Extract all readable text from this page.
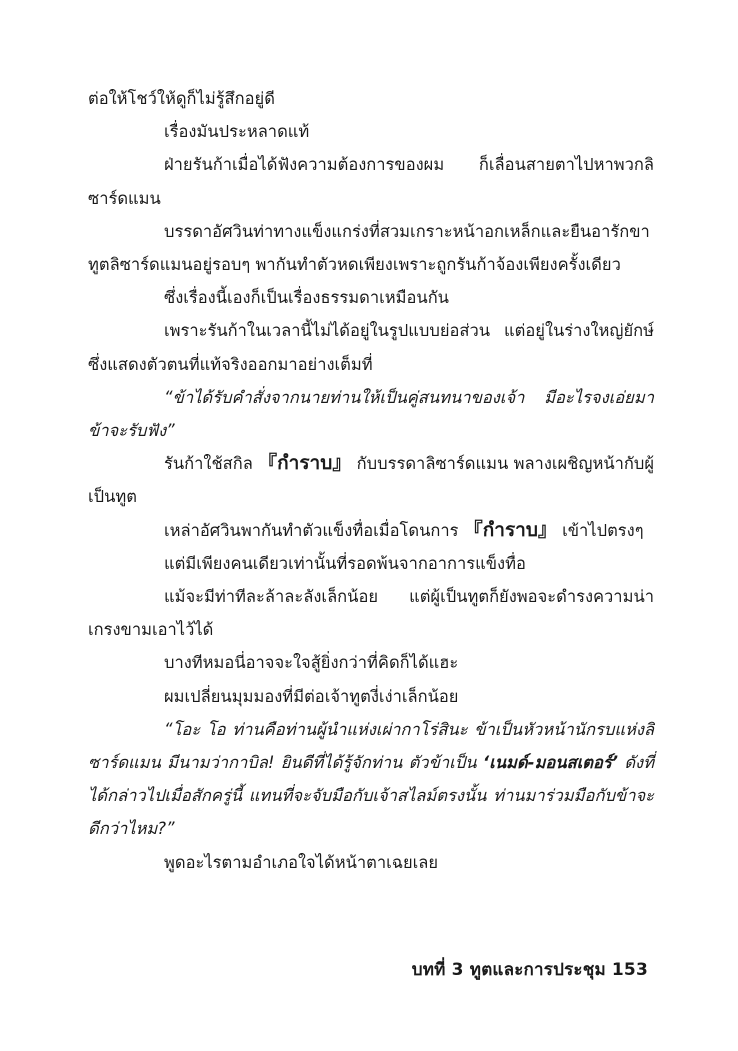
ต่อให้โชว์ให้ดูก็ไม่รู้สึกอยู่ดี

เรื่องมันประหลาดแท้

ฝ่ายรันก้าเมื่อได้ฟังความต้องการของผม ก็เลื่อนสายตาไปหาพวกลิซาร์ดแมน

บรรดาอัศวินท่าทางแข็งแกร่งที่สวมเกราะหน้าอกเหล็กและยืนอารักขาทูตลิซาร์ดแมนอยู่รอบๆ พากันทำตัวหดเพียงเพราะถูกรันก้าจ้องเพียงครั้งเดียว

ซึ่งเรื่องนี้เองก็เป็นเรื่องธรรมดาเหมือนกัน

เพราะรันก้าในเวลานี้ไม่ได้อยู่ในรูปแบบย่อส่วน แต่อยู่ในร่างใหญ่ยักษ์ซึ่งแสดงตัวตนที่แท้จริงออกมาอย่างเต็มที่

“ข้าได้รับคำสั่งจากนายท่านให้เป็นคู่สนทนาของเจ้า มีอะไรจงเอ่ยมา ข้าจะรับฟัง”

รันก้าใช้สกิล 『กำราบ』 กับบรรดาลิซาร์ดแมน พลางเผชิญหน้ากับผู้เป็นทูต

เหล่าอัศวินพากันทำตัวแข็งทื่อเมื่อโดนการ 『กำราบ』 เข้าไปตรงๆ

แต่มีเพียงคนเดียวเท่านั้นที่รอดพ้นจากอาการแข็งทื่อ

แม้จะมีท่าทีละล้าละลังเล็กน้อย แต่ผู้เป็นทูตก็ยังพอจะดำรงความน่าเกรงขามเอาไว้ได้

บางทีหมอนี่อาจจะใจสู้ยิ่งกว่าที่คิดก็ได้แฮะ

ผมเปลี่ยนมุมมองที่มีต่อเจ้าทูตงี่เง่าเล็กน้อย

“โอะ โอ ท่านคือท่านผู้นำแห่งเผ่ากาโร่สินะ ข้าเป็นหัวหน้านักรบแห่งลิซาร์ดแมน มีนามว่ากาบิล! ยินดีที่ได้รู้จักท่าน ตัวข้าเป็น ‘เนมด์-มอนสเตอร์’ ดังที่ได้กล่าวไปเมื่อสักครู่นี้ แทนที่จะจับมือกับเจ้าสไลม์ตรงนั้น ท่านมาร่วมมือกับข้าจะดีกว่าไหม?”

พูดอะไรตามอำเภอใจได้หน้าตาเฉยเลย

บทที่ 3 ทูตและการประชุม 153
